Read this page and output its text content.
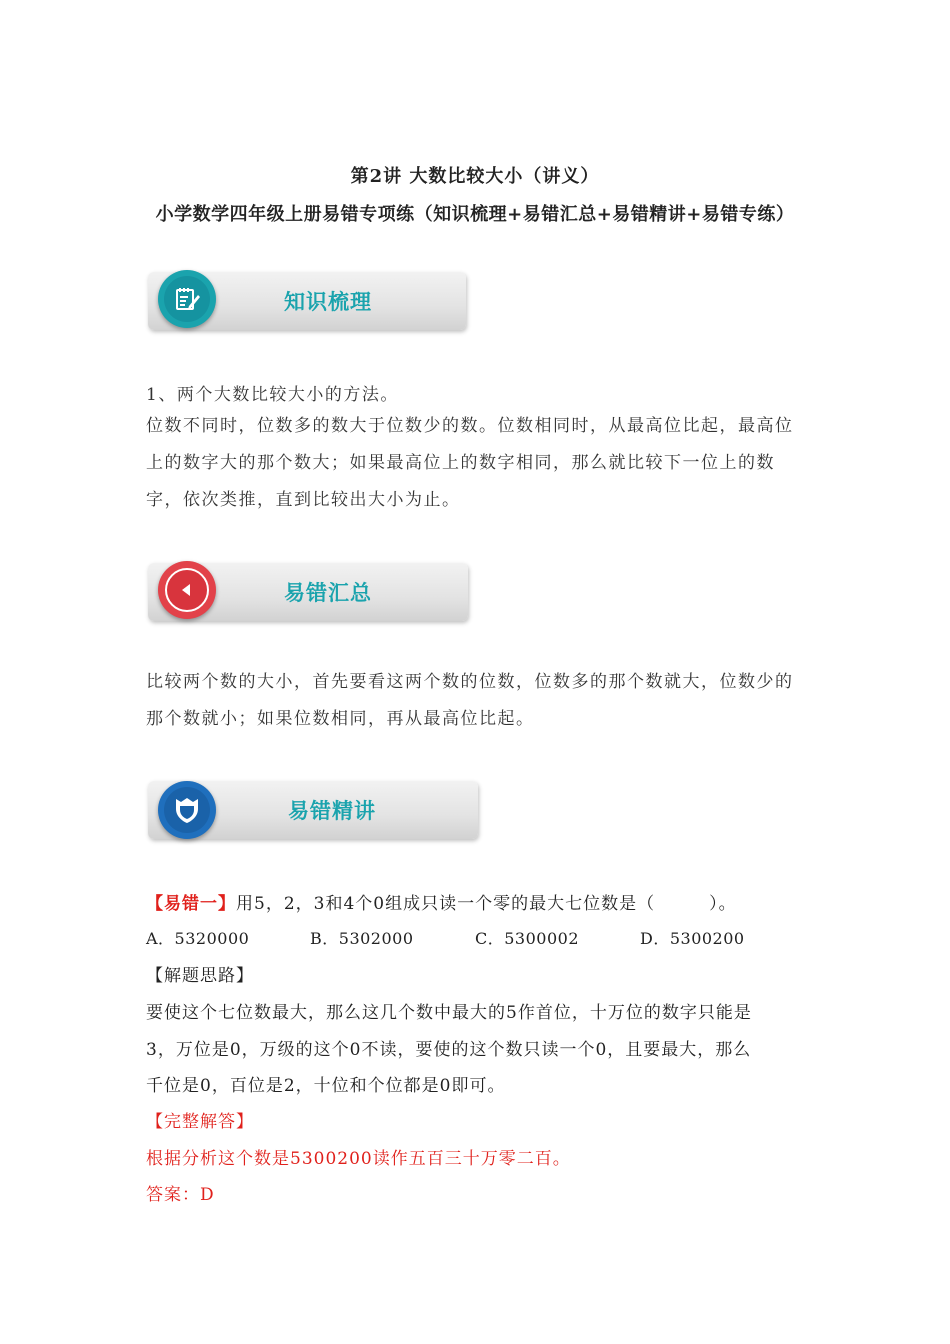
第2讲 大数比较大小（讲义）
小学数学四年级上册易错专项练（知识梳理+易错汇总+易错精讲+易错专练）
知识梳理
1、两个大数比较大小的方法。
位数不同时，位数多的数大于位数少的数。位数相同时，从最高位比起，最高位上的数字大的那个数大；如果最高位上的数字相同，那么就比较下一位上的数字，依次类推，直到比较出大小为止。
易错汇总
比较两个数的大小，首先要看这两个数的位数，位数多的那个数就大，位数少的那个数就小；如果位数相同，再从最高位比起。
易错精讲
【易错一】用5，2，3和4个0组成只读一个零的最大七位数是（　　　）。
A．5320000	B．5302000	C．5300002	D．5300200
【解题思路】
要使这个七位数最大，那么这几个数中最大的5作首位，十万位的数字只能是
3，万位是0，万级的这个0不读，要使的这个数只读一个0，且要最大，那么
千位是0，百位是2，十位和个位都是0即可。
【完整解答】
根据分析这个数是5300200读作五百三十万零二百。
答案：D
